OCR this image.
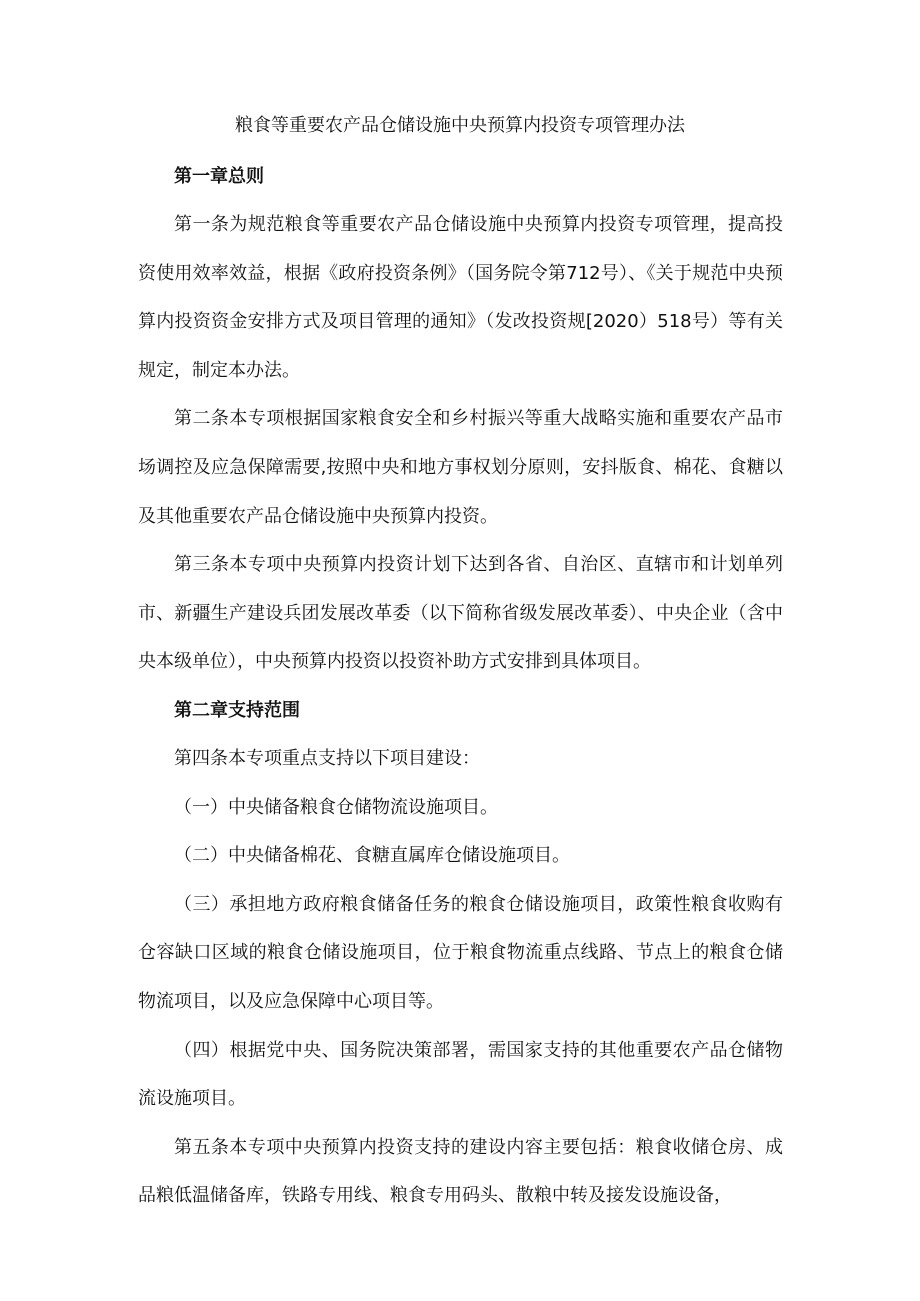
粮食等重要农产品仓储设施中央预算内投资专项管理办法

第一章总则

第一条为规范粮食等重要农产品仓储设施中央预算内投资专项管理，提高投资使用效率效益，根据《政府投资条例》（国务院令第712号）、《关于规范中央预算内投资资金安排方式及项目管理的通知》（发改投资规[2020）518号）等有关规定，制定本办法。

第二条本专项根据国家粮食安全和乡村振兴等重大战略实施和重要农产品市场调控及应急保障需要,按照中央和地方事权划分原则，安抖版食、棉花、食糖以及其他重要农产品仓储设施中央预算内投资。

第三条本专项中央预算内投资计划下达到各省、自治区、直辖市和计划单列市、新疆生产建设兵团发展改革委（以下简称省级发展改革委）、中央企业（含中央本级单位），中央预算内投资以投资补助方式安排到具体项目。

第二章支持范围

第四条本专项重点支持以下项目建设：

（一）中央储备粮食仓储物流设施项目。

（二）中央储备棉花、食糖直属库仓储设施项目。

（三）承担地方政府粮食储备任务的粮食仓储设施项目，政策性粮食收购有仓容缺口区域的粮食仓储设施项目，位于粮食物流重点线路、节点上的粮食仓储物流项目，以及应急保障中心项目等。

（四）根据党中央、国务院决策部署，需国家支持的其他重要农产品仓储物流设施项目。

第五条本专项中央预算内投资支持的建设内容主要包括：粮食收储仓房、成品粮低温储备库，铁路专用线、粮食专用码头、散粮中转及接发设施设备，
